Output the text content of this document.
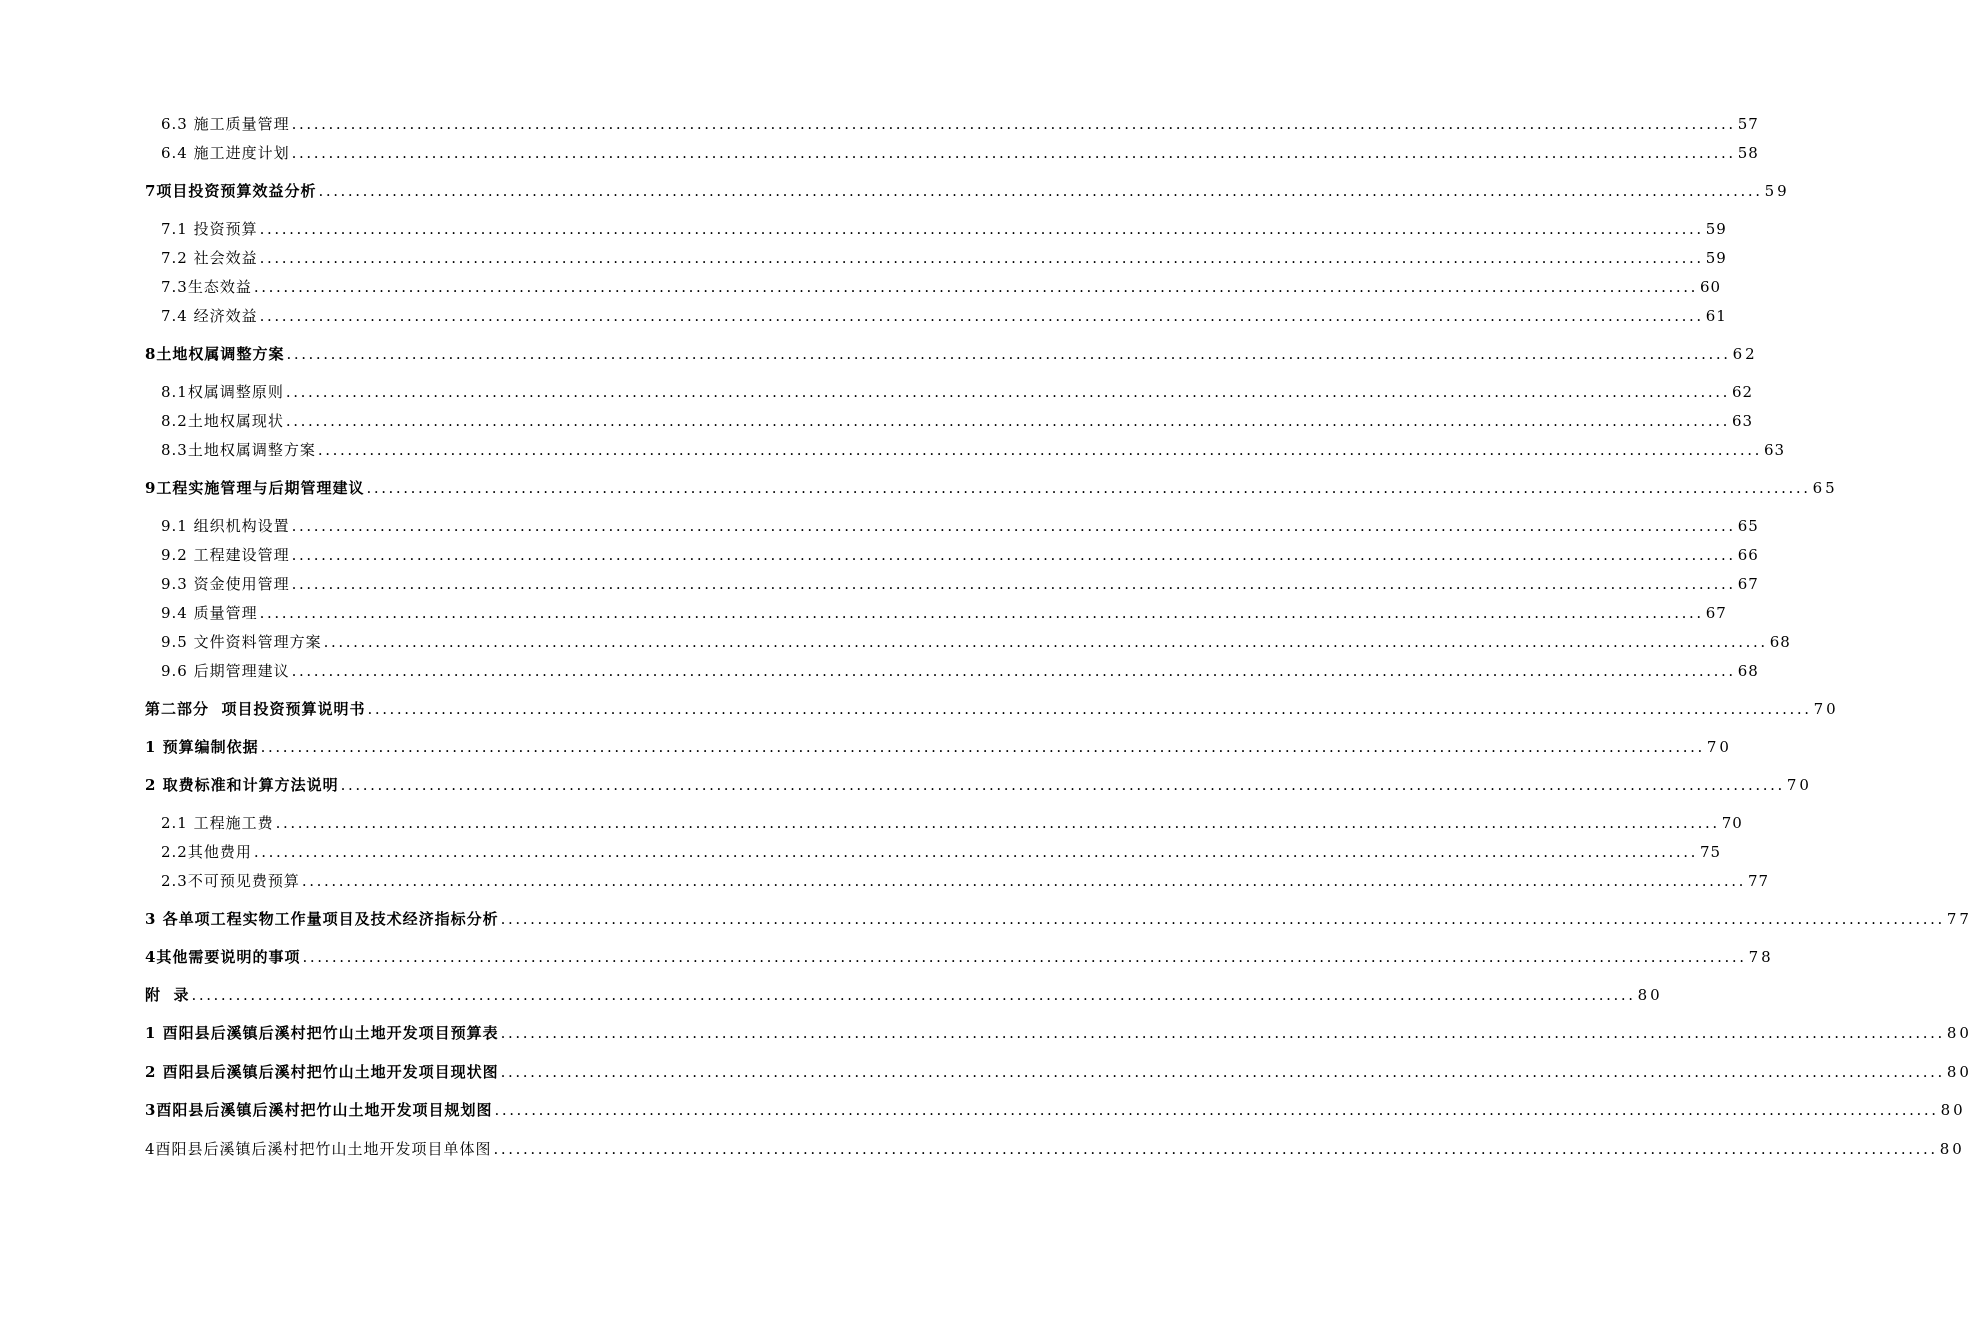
6.3 施工质量管理 .....	57
6.4 施工进度计划 .....	58
7项目投资预算效益分析 .....	59
7.1 投资预算 .....	59
7.2 社会效益 .....	59
7.3生态效益 .....	60
7.4 经济效益 .....	61
8土地权属调整方案 .....	62
8.1权属调整原则 .....	62
8.2土地权属现状 .....	63
8.3土地权属调整方案 .....	63
9工程实施管理与后期管理建议 .....	65
9.1 组织机构设置 .....	65
9.2 工程建设管理 .....	66
9.3 资金使用管理 .....	67
9.4 质量管理 .....	67
9.5 文件资料管理方案 .....	68
9.6 后期管理建议 .....	68
第二部分  项目投资预算说明书 .....	70
1 预算编制依据 .....	70
2 取费标准和计算方法说明 .....	70
2.1 工程施工费 .....	70
2.2其他费用 .....	75
2.3不可预见费预算 .....	77
3 各单项工程实物工作量项目及技术经济指标分析 .....	77
4其他需要说明的事项 .....	78
附  录 .....	80
1 酉阳县后溪镇后溪村把竹山土地开发项目预算表 .....	80
2 酉阳县后溪镇后溪村把竹山土地开发项目现状图 .....	80
3酉阳县后溪镇后溪村把竹山土地开发项目规划图 .....	80
4酉阳县后溪镇后溪村把竹山土地开发项目单体图 .....	80
